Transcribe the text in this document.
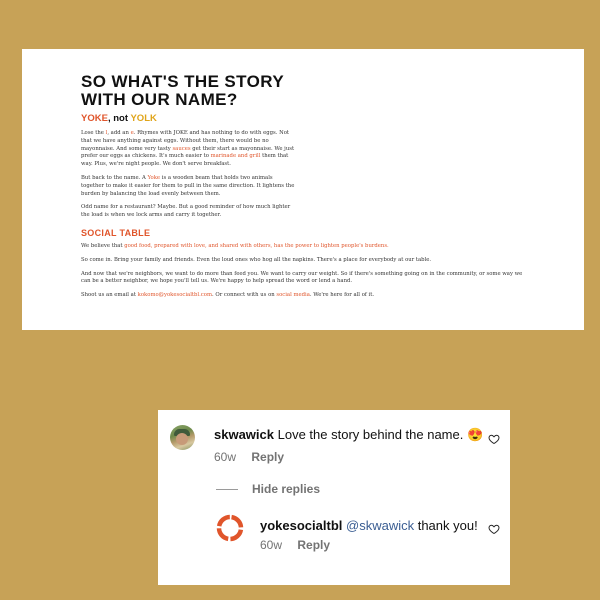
SO WHAT'S THE STORY WITH OUR NAME?
YOKE, not YOLK

Lose the l, add an e. Rhymes with JOKE and has nothing to do with eggs. Not that we have anything against eggs. Without them, there would be no mayonnaise. And some very tasty sauces get their start as mayonnaise. We just prefer our eggs as chickens. It's much easier to marinade and grill them that way. Plus, we're night people. We don't serve breakfast.

But back to the name. A Yoke is a wooden beam that holds two animals together to make it easier for them to pull in the same direction. It lightens the burden by balancing the load evenly between them.

Odd name for a restaurant? Maybe. But a good reminder of how much lighter the load is when we lock arms and carry it together.

SOCIAL TABLE

We believe that good food, prepared with love, and shared with others, has the power to lighten people's burdens.

So come in. Bring your family and friends. Even the loud ones who hog all the napkins. There's a place for everybody at our table.

And now that we're neighbors, we want to do more than feed you. We want to carry our weight. So if there's something going on in the community, or some way we can be a better neighbor, we hope you'll tell us. We're happy to help spread the word or lend a hand.

Shoot us an email at kokomo@yokesocialtbl.com. Or connect with us on social media. We're here for all of it.

skwawick Love the story behind the name. 😍
60w Reply
Hide replies
yokesocialtbl @skwawick thank you!
60w Reply
